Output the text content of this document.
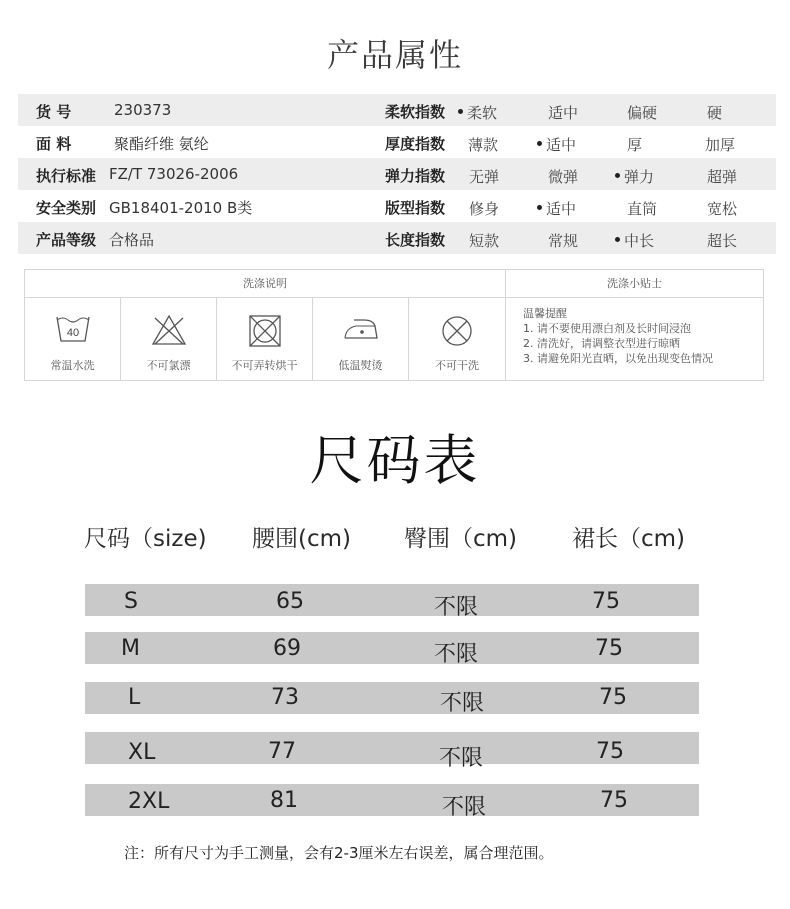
产品属性
货 号	230373	柔软指数	柔软	适中	偏硬	硬
面 料	聚酯纤维 氨纶	厚度指数 薄款	适中	厚	加厚
执行标准 FZ/T 73026-2006	弹力指数 无弹	微弹	弹力	超弹
安全类别 GB18401-2010 B类	版型指数 修身	适中	直筒	宽松
产品等级 合格品	长度指数 短款	常规	中长	超长
洗涤说明	洗涤小贴士
40
常温水洗	不可氯漂	不可弄转烘干	低温熨烫	不可干洗
温馨提醒
1. 请不要使用漂白剂及长时间浸泡
2. 清洗好，请调整衣型进行晾晒
3. 请避免阳光直晒，以免出现变色情况
尺码表
尺码（size) 腰围(cm) 臀围（cm) 裙长（cm)
S	65	不限	75
M	69	不限	75
L	73	不限	75
XL	77	不限	75
2XL	81	不限	75
注：所有尺寸为手工测量，会有2-3厘米左右误差，属合理范围。
